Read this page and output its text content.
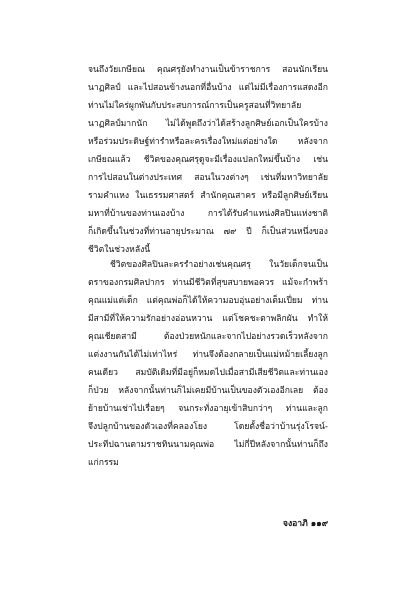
จนถึงวัยเกษียณ คุณศรุยังทำงานเป็นข้าราชการ สอนนักเรียน
นาฏศิลป์ และไปสอนข้างนอกที่อื่นบ้าง แต่ไม่มีเรื่องการแสดงอีก
ท่านไม่ใคร่ผูกพันกับประสบการณ์การเป็นครูสอนที่วิทยาลัย
นาฏศิลป์มากนัก ไม่ได้พูดถึงว่าได้สร้างลูกศิษย์เอกเป็นใครบ้าง
หรือร่วมประดิษฐ์ท่ารำหรือละครเรื่องใหม่แต่อย่างใด หลังจาก
เกษียณแล้ว ชีวิตของคุณศรุดูจะมีเรื่องแปลกใหม่ขึ้นบ้าง เช่น
การไปสอนในต่างประเทศ สอนในวงต่างๆ เช่นที่มหาวิทยาลัย
รามคำแหง ในเธรรมศาสตร์ สำนักคุณสาคร หรือมีลูกศิษย์เรียน
มหาที่บ้านของท่านเองบ้าง การได้รับคำแหน่งศิลปินแห่งชาติ
ก็เกิดขึ้นในช่วงที่ท่านอายุประมาณ ๗๙ ปี ก็เป็นส่วนหนึ่งของ
ชีวิตในช่วงหลังนี้
ชีวิตของศิลปินละครรำอย่างเช่นคุณศรุ ในวัยเด็กจนเป็น
ตราของกรมศิลปากร ท่านมีชีวิตที่สุขสบายพอควร แม้จะกำพร้า
คุณแม่แต่เด็ก แต่คุณพ่อก็ได้ให้ความอบอุ่นอย่างเต็มเปี่ยม ท่าน
มีสามีที่ให้ความรักอย่างอ่อนหวาน แต่โชคชะตาพลิกผัน ทำให้
คุณเชียดสามี ต้องป่วยหนักและจากไปอย่างรวดเร็วหลังจาก
แต่งงานกันได้ไม่เท่าไหร่ ท่านจึงต้องกลายเป็นแม่หม้ายเลี้ยงลูก
คนเดียว สมบัติเดิมที่มีอยู่ก็หมดไปเมื่อสามีเสียชีวิตและท่านเอง
ก็ป่วย หลังจากนั้นท่านก็ไม่เคยมีบ้านเป็นของตัวเองอีกเลย ต้อง
ย้ายบ้านเช่าไปเรื่อยๆ จนกระทั่งอายุเข้าสิบกว่าๆ ท่านและลูก
จึงปลูกบ้านของตัวเองที่คลองโยง โดยตั้งชื่อว่าบ้านรุ่งโรจน์-
ประทีปฉานตามราชทินนามคุณพ่อ ไม่กี่ปีหลังจากนั้นท่านก็ถึง
แก่กรรม
จงอาภิ ๑๑๙
